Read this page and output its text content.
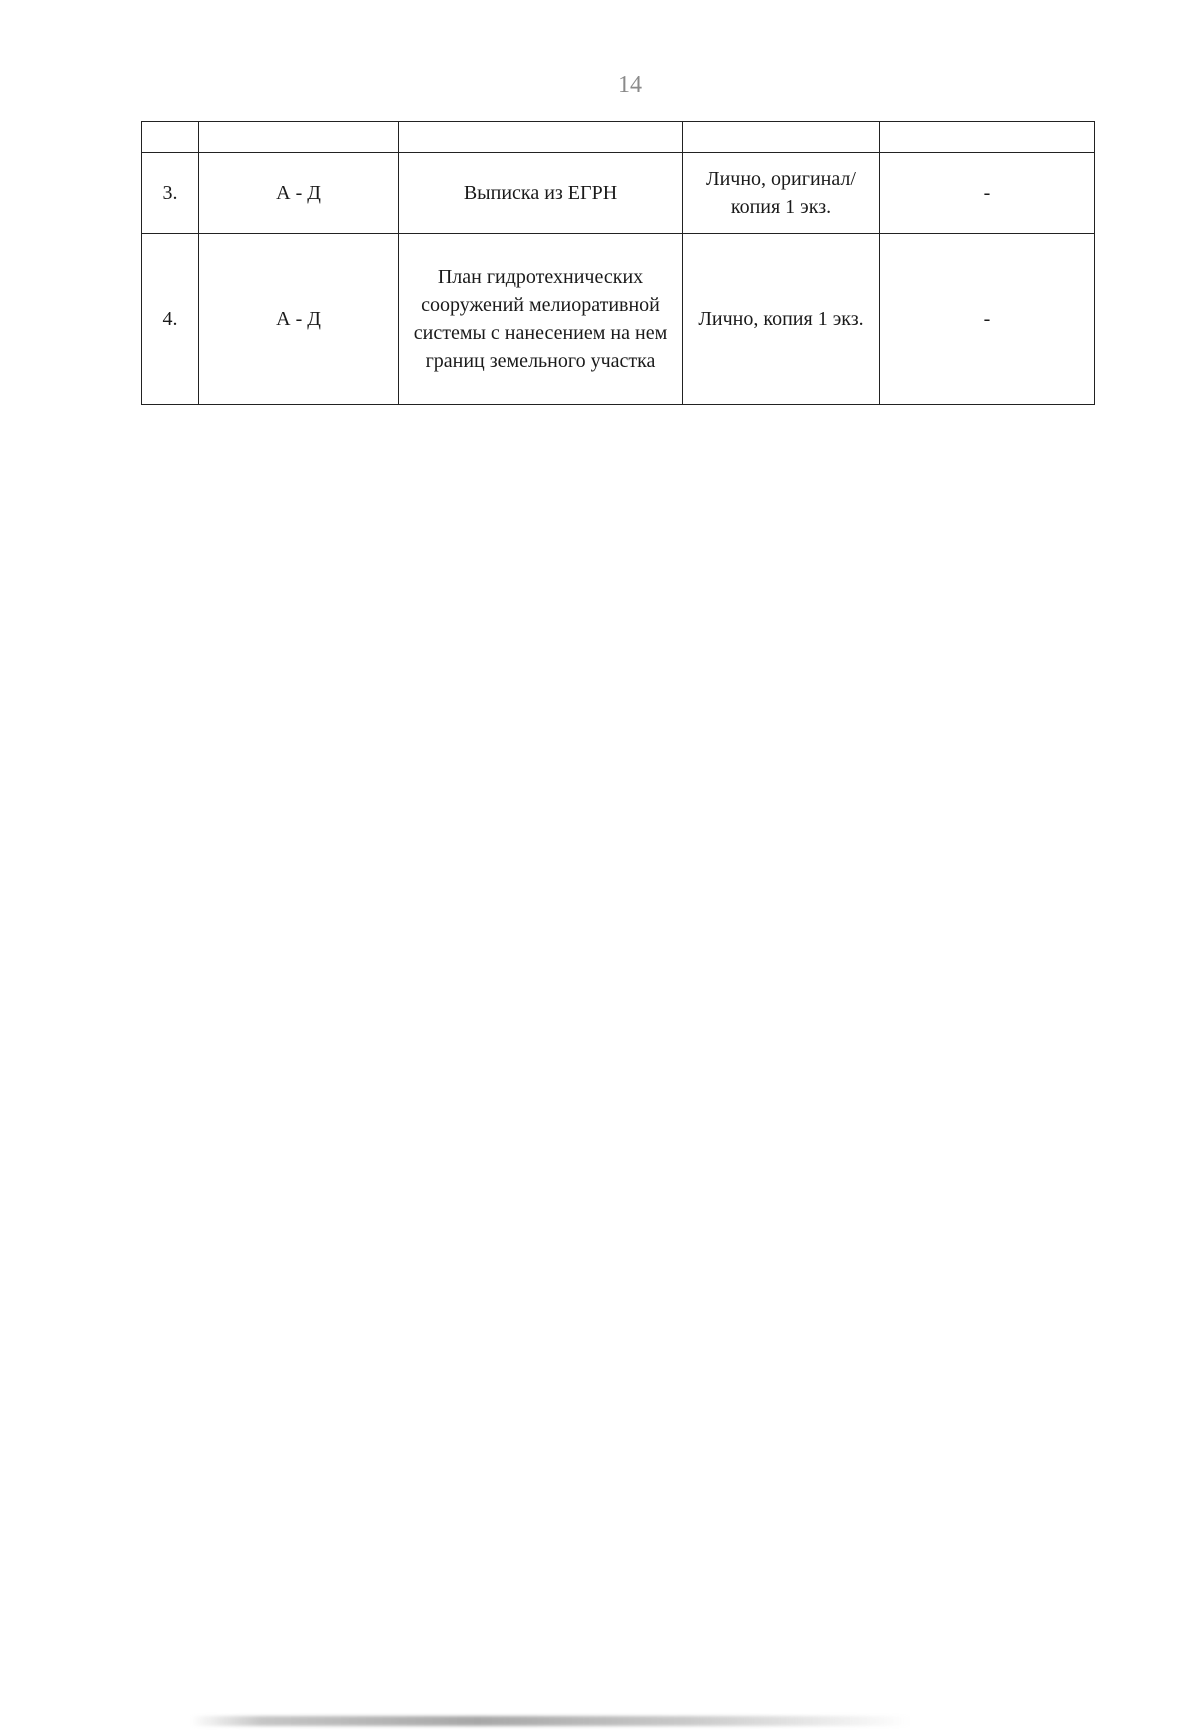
14

3.	А - Д	Выписка из ЕГРН	Лично, оригинал/копия 1 экз.	-
4.	А - Д	План гидротехнических сооружений мелиоративной системы с нанесением на нем границ земельного участка	Лично, копия 1 экз.	-
